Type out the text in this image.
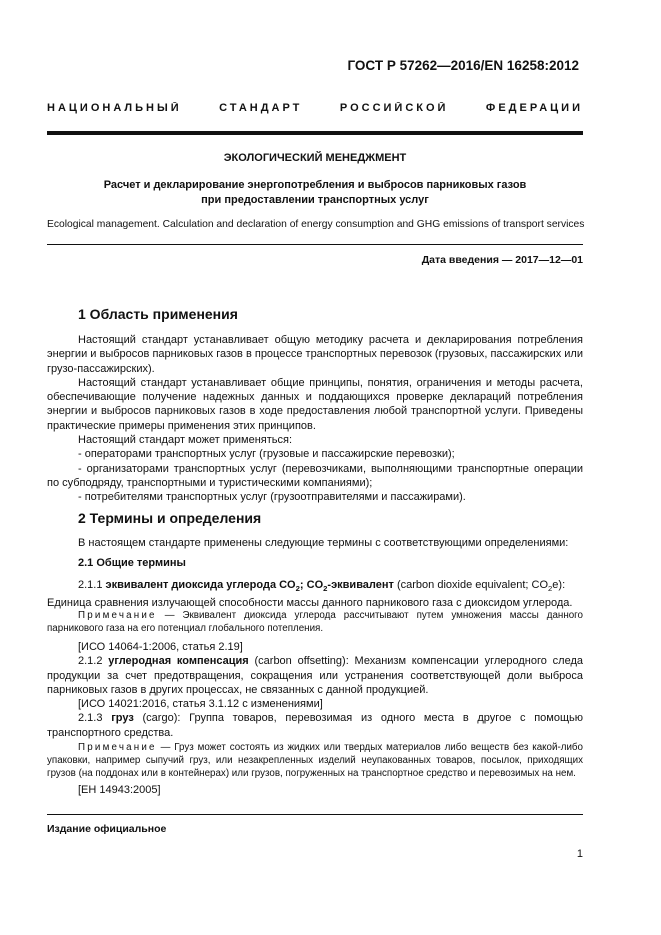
ГОСТ Р 57262—2016/EN 16258:2012
НАЦИОНАЛЬНЫЙ СТАНДАРТ РОССИЙСКОЙ ФЕДЕРАЦИИ
ЭКОЛОГИЧЕСКИЙ МЕНЕДЖМЕНТ
Расчет и декларирование энергопотребления и выбросов парниковых газов
при предоставлении транспортных услуг
Ecological management. Calculation and declaration of energy consumption and GHG emissions of transport services
Дата введения — 2017—12—01
1 Область применения

Настоящий стандарт устанавливает общую методику расчета и декларирования потребления энергии и выбросов парниковых газов в процессе транспортных перевозок (грузовых, пассажирских или грузо-пассажирских).

Настоящий стандарт устанавливает общие принципы, понятия, ограничения и методы расчета, обеспечивающие получение надежных данных и поддающихся проверке деклараций потребления энергии и выбросов парниковых газов в ходе предоставления любой транспортной услуги. Приведены практические примеры применения этих принципов.

Настоящий стандарт может применяться:

- операторами транспортных услуг (грузовые и пассажирские перевозки);

- организаторами транспортных услуг (перевозчиками, выполняющими транспортные операции по субподряду, транспортными и туристическими компаниями);

- потребителями транспортных услуг (грузоотправителями и пассажирами).

2 Термины и определения

В настоящем стандарте применены следующие термины с соответствующими определениями:

2.1 Общие термины

2.1.1 эквивалент диоксида углерода $CO_2$; $CO_2$-эквивалент (carbon dioxide equivalent; $CO_2e$):

Единица сравнения излучающей способности массы данного парникового газа с диоксидом углерода.

Примечание — Эквивалент диоксида углерода рассчитывают путем умножения массы данного парникового газа на его потенциал глобального потепления.

[ИСО 14064-1:2006, статья 2.19]

2.1.2 углеродная компенсация (carbon offsetting): Механизм компенсации углеродного следа продукции за счет предотвращения, сокращения или устранения соответствующей доли выброса парниковых газов в других процессах, не связанных с данной продукцией.

[ИСО 14021:2016, статья 3.1.12 с изменениями]

2.1.3 груз (cargo): Группа товаров, перевозимая из одного места в другое с помощью транспортного средства.

Примечание — Груз может состоять из жидких или твердых материалов либо веществ без какой-либо упаковки, например сыпучий груз, или незакрепленных изделий неупакованных товаров, посылок, приходящих грузов (на поддонах или в контейнерах) или грузов, погруженных на транспортное средство и перевозимых на нем.

[ЕН 14943:2005]

Издание официальное
1
